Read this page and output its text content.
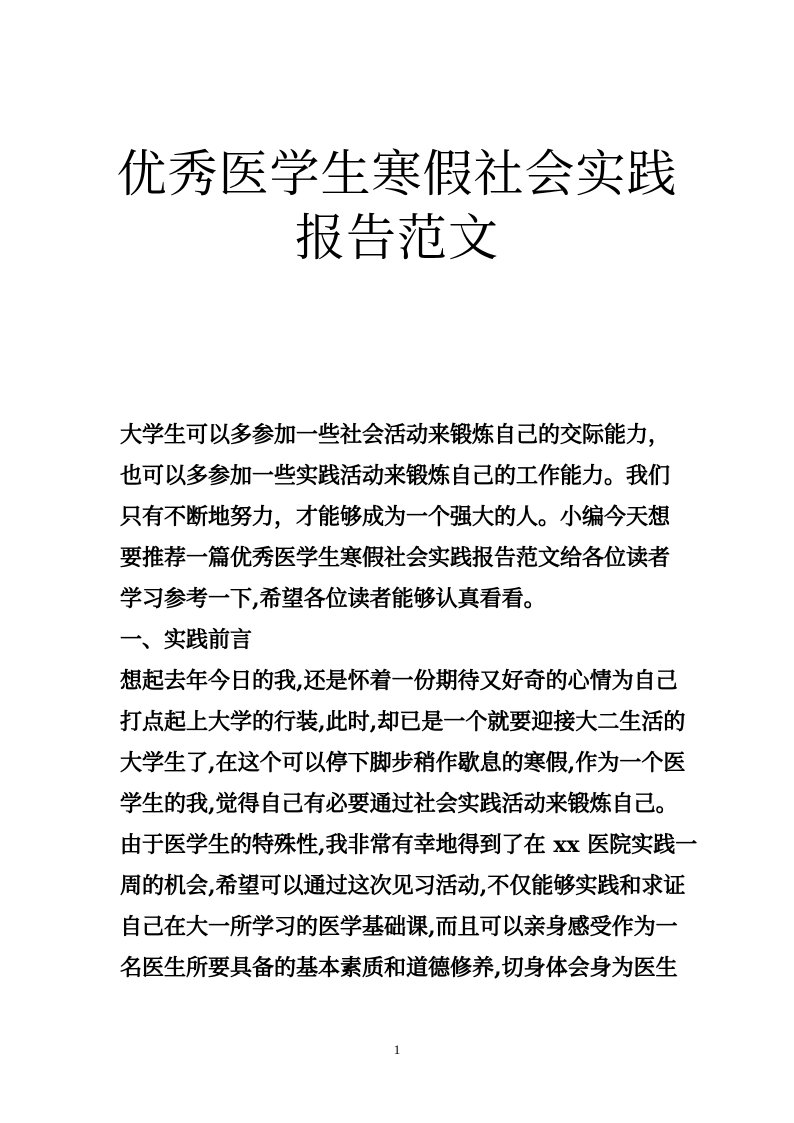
优秀医学生寒假社会实践
报告范文
大学生可以多参加一些社会活动来锻炼自己的交际能力，
也可以多参加一些实践活动来锻炼自己的工作能力。我们
只有不断地努力，才能够成为一个强大的人。小编今天想
要推荐一篇优秀医学生寒假社会实践报告范文给各位读者
学习参考一下,希望各位读者能够认真看看。
一、实践前言
想起去年今日的我,还是怀着一份期待又好奇的心情为自己
打点起上大学的行装,此时,却已是一个就要迎接大二生活的
大学生了,在这个可以停下脚步稍作歇息的寒假,作为一个医
学生的我,觉得自己有必要通过社会实践活动来锻炼自己。
由于医学生的特殊性,我非常有幸地得到了在 xx 医院实践一
周的机会,希望可以通过这次见习活动,不仅能够实践和求证
自己在大一所学习的医学基础课,而且可以亲身感受作为一
名医生所要具备的基本素质和道德修养,切身体会身为医生
1
